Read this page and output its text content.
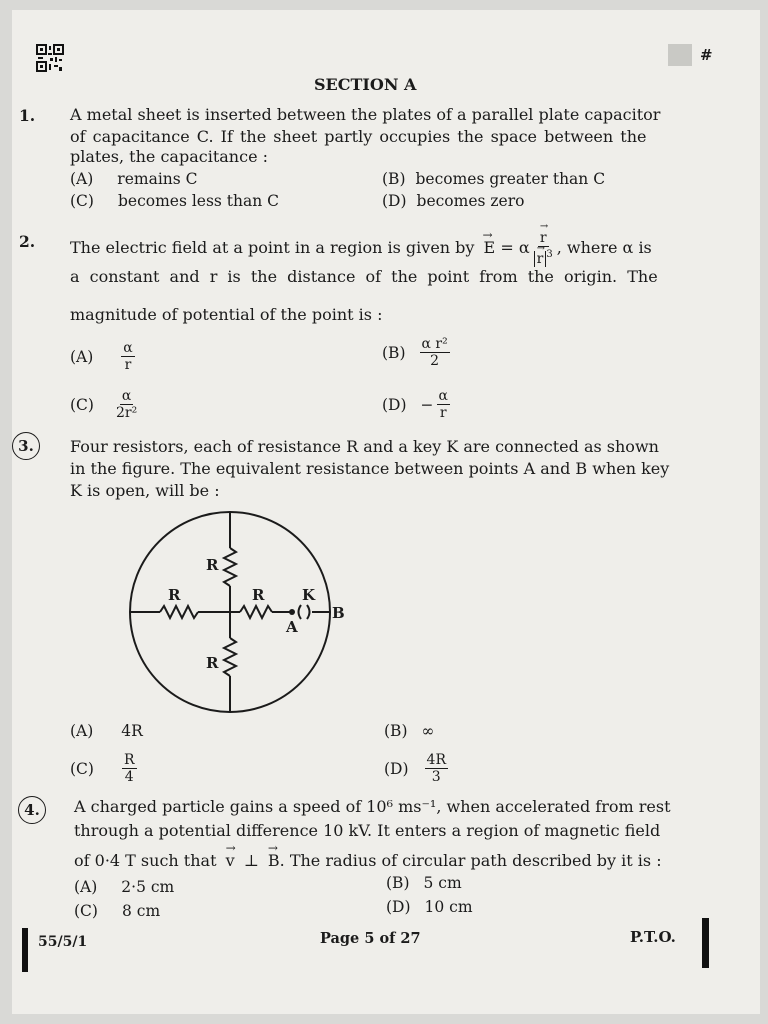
#
SECTION A
1. A metal sheet is inserted between the plates of a parallel plate capacitor
of capacitance C. If the sheet partly occupies the space between the
plates, the capacitance :
(A) remains C	(B) becomes greater than C
(C) becomes less than C	(D) becomes zero
2. The electric field at a point in a region is given by
→
E = α →
r
→
r $^3$ , where α is
a constant and r is the distance of the point from the origin. The
magnitude of potential of the point is :
$(A) \frac{\alpha}{r}$	$(B) \frac{\text{α r²}}{2}$
$(C) \frac{\alpha}{\text{2r²}}$	$(D) - \frac{\alpha}{r}$
3.	Four resistors, each of resistance R and a key K are connected as shown
in the figure. The equivalent resistance between points A and B when key
K is open, will be :
R
R	R	K
B
A
R
(A) 4R	(B) ∞
$(C) \frac{R}{4}$	$(D) \frac{4R}{3}$
4.	A charged particle gains a speed of 10⁶ ms⁻¹, when accelerated from rest
through a potential difference 10 kV. It enters a region of magnetic field
of 0·4 T such that
→
v ⊥
→
B. The radius of circular path described by it is :
(A) 2·5 cm	(B) 5 cm
(C) 8 cm	(D) 10 cm
55/5/1	Page 5 of 27	P.T.O.
